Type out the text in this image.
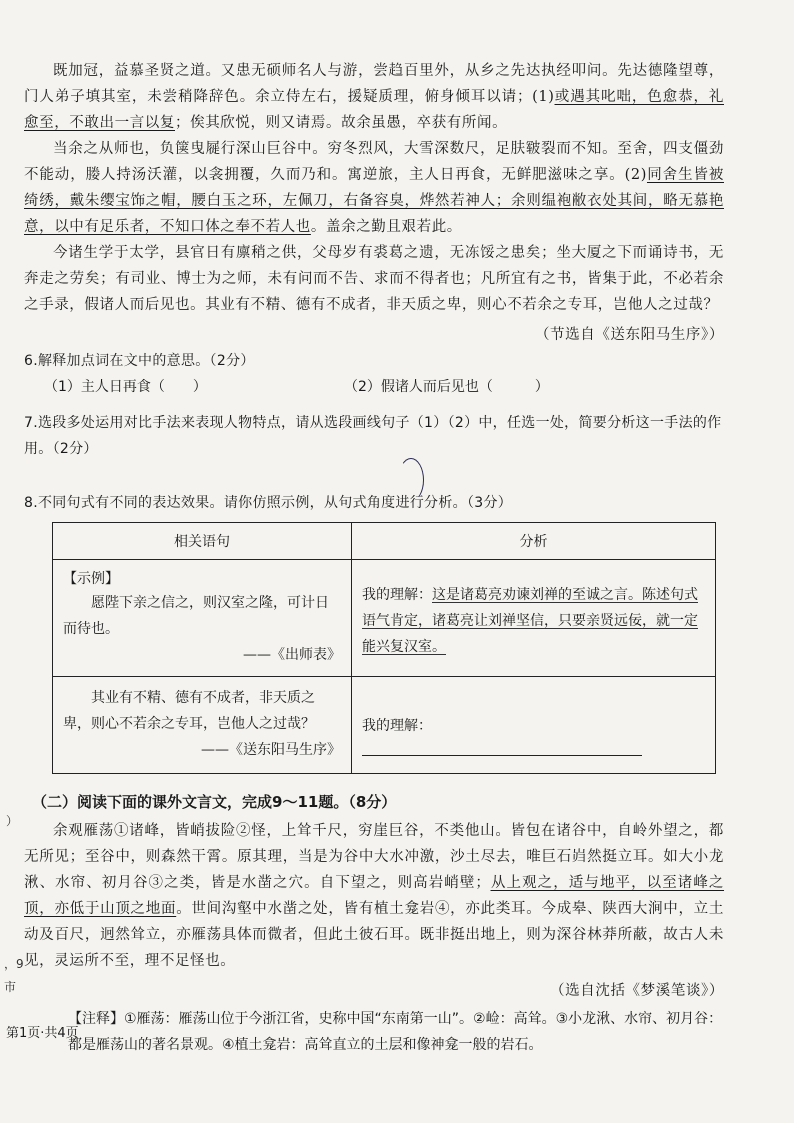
既加冠，益慕圣贤之道。又患无硕师名人与游，尝趋百里外，从乡之先达执经叩问。先达德隆望尊，门人弟子填其室，未尝稍降辞色。余立侍左右，援疑质理，俯身倾耳以请；(1)或遇其叱咄，色愈恭，礼愈至，不敢出一言以复；俟其欣悦，则又请焉。故余虽愚，卒获有所闻。

当余之从师也，负箧曳屣行深山巨谷中。穷冬烈风，大雪深数尺，足肤皲裂而不知。至舍，四支僵劲不能动，媵人持汤沃灌，以衾拥覆，久而乃和。寓逆旅，主人日再食，无鲜肥滋味之享。(2)同舍生皆被绮绣，戴朱缨宝饰之帽，腰白玉之环，左佩刀，右备容臭，烨然若神人；余则缊袍敝衣处其间，略无慕艳意，以中有足乐者，不知口体之奉不若人也。盖余之勤且艰若此。

今诸生学于太学，县官日有廪稍之供，父母岁有裘葛之遗，无冻馁之患矣；坐大厦之下而诵诗书，无奔走之劳矣；有司业、博士为之师，未有问而不告、求而不得者也；凡所宜有之书，皆集于此，不必若余之手录，假诸人而后见也。其业有不精、德有不成者，非天质之卑，则心不若余之专耳，岂他人之过哉？

（节选自《送东阳马生序》）

6.解释加点词在文中的意思。（2分）

（1）主人日再食（　　）	（2）假诸人而后见也（　　　）

7.选段多处运用对比手法来表现人物特点，请从选段画线句子（1）（2）中，任选一处，简要分析这一手法的作用。（2分）

8.不同句式有不同的表达效果。请你仿照示例，从句式角度进行分析。（3分）

相关语句	分析

【示例】

愿陛下亲之信之，则汉室之隆，可计日而待也。

——《出师表》	我的理解：这是诸葛亮劝谏刘禅的至诚之言。陈述句式语气肯定，诸葛亮让刘禅坚信，只要亲贤远佞，就一定能兴复汉室。

其业有不精、德有不成者，非天质之卑，则心不若余之专耳，岂他人之过哉？

——《送东阳马生序》	我的理解：

（二）阅读下面的课外文言文，完成9～11题。（8分）

余观雁荡①诸峰，皆峭拔险②怪，上耸千尺，穷崖巨谷，不类他山。皆包在诸谷中，自岭外望之，都无所见；至谷中，则森然干霄。原其理，当是为谷中大水冲激，沙土尽去，唯巨石岿然挺立耳。如大小龙湫、水帘、初月谷③之类，皆是水凿之穴。自下望之，则高岩峭壁；从上观之，适与地平，以至诸峰之顶，亦低于山顶之地面。世间沟壑中水凿之处，皆有植土龛岩④，亦此类耳。今成皋、陕西大涧中，立土动及百尺，迥然耸立，亦雁荡具体而微者，但此土彼石耳。既非挺出地上，则为深谷林莽所蔽，故古人未见，灵运所不至，理不足怪也。

（选自沈括《梦溪笔谈》）

【注释】①雁荡：雁荡山位于今浙江省，史称中国“东南第一山”。②崄：高耸。③小龙湫、水帘、初月谷：都是雁荡山的著名景观。④植土龛岩：高耸直立的土层和像神龛一般的岩石。

市
）
，9
第1页·共4页
